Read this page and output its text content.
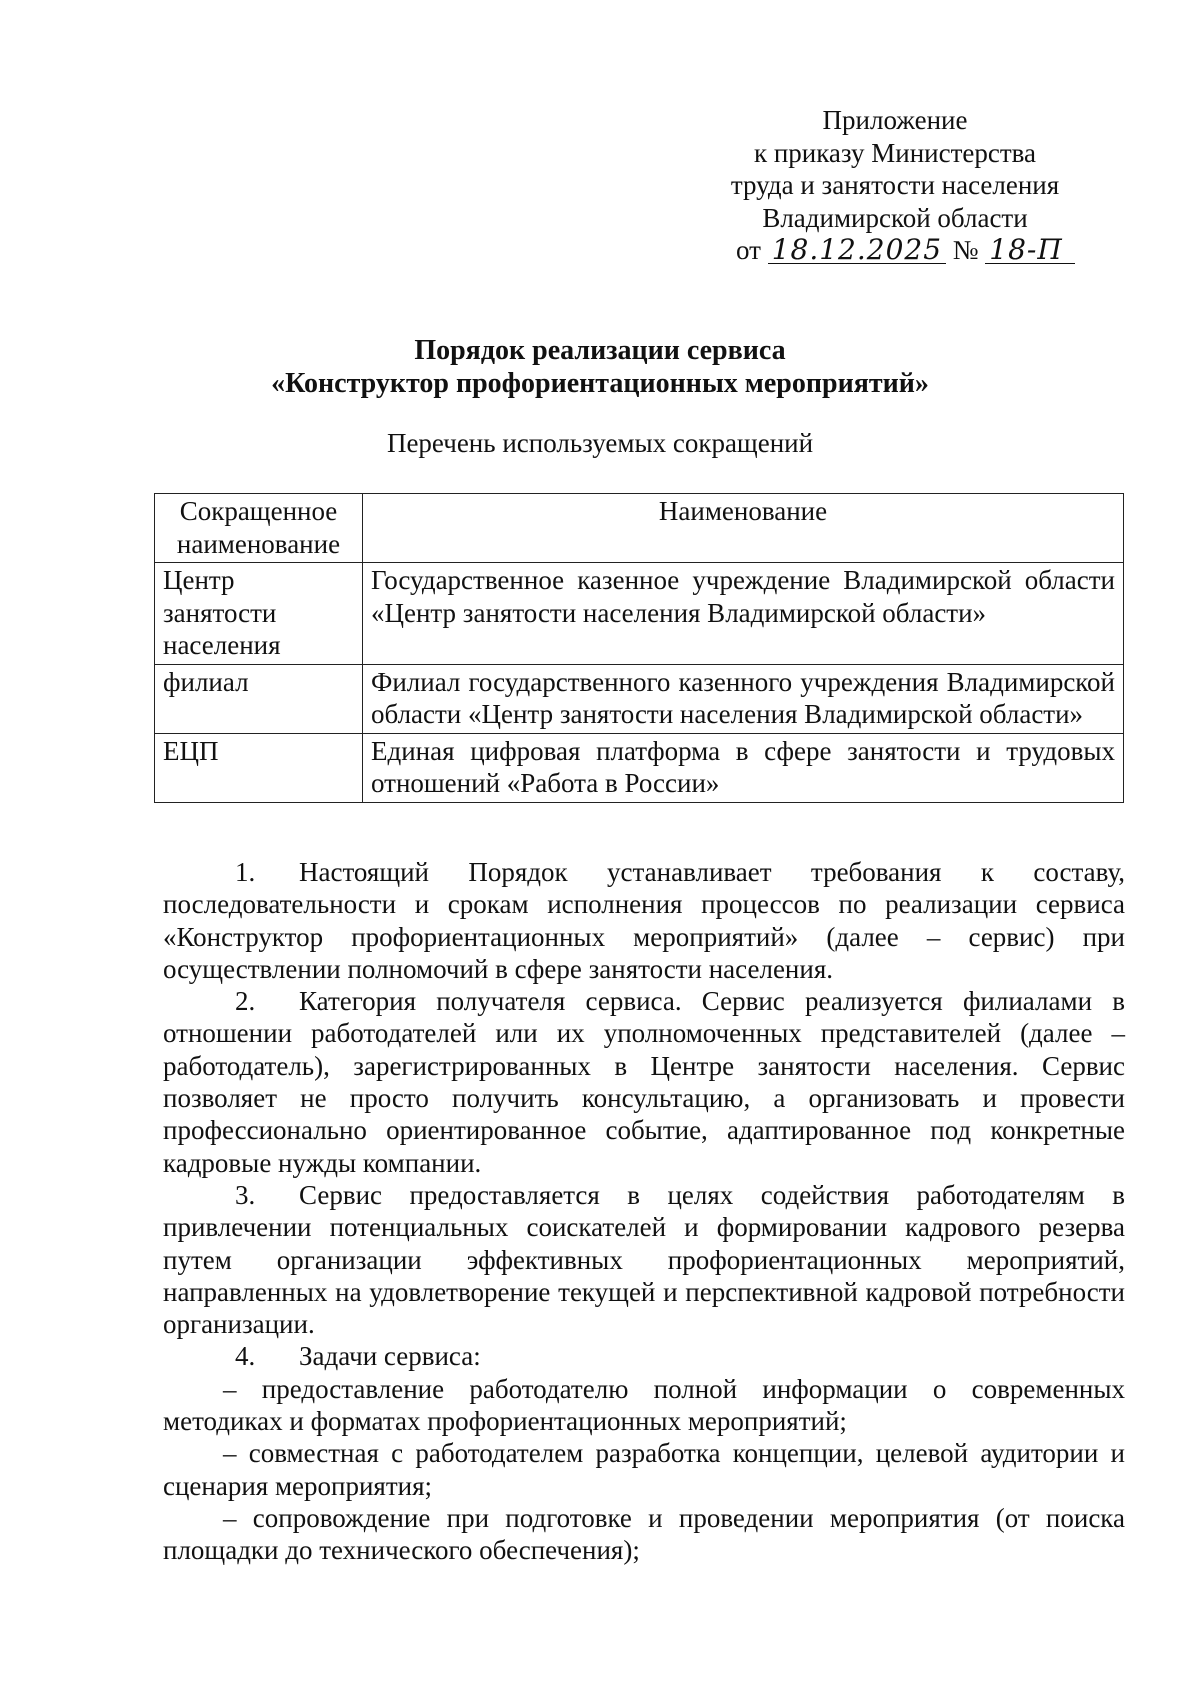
Приложение
к приказу Министерства
труда и занятости населения
Владимирской области
от 18.12.2025 № 18-П
Порядок реализации сервиса
«Конструктор профориентационных мероприятий»
Перечень используемых сокращений
Сокращенное наименование	Наименование
Центр занятости населения	Государственное казенное учреждение Владимирской области «Центр занятости населения Владимирской области»
филиал	Филиал государственного казенного учреждения Владимирской области «Центр занятости населения Владимирской области»
ЕЦП	Единая цифровая платформа в сфере занятости и трудовых отношений «Работа в России»

1. Настоящий Порядок устанавливает требования к составу, последовательности и срокам исполнения процессов по реализации сервиса «Конструктор профориентационных мероприятий» (далее – сервис) при осуществлении полномочий в сфере занятости населения.

2. Категория получателя сервиса. Сервис реализуется филиалами в отношении работодателей или их уполномоченных представителей (далее – работодатель), зарегистрированных в Центре занятости населения. Сервис позволяет не просто получить консультацию, а организовать и провести профессионально ориентированное событие, адаптированное под конкретные кадровые нужды компании.

3. Сервис предоставляется в целях содействия работодателям в привлечении потенциальных соискателей и формировании кадрового резерва путем организации эффективных профориентационных мероприятий, направленных на удовлетворение текущей и перспективной кадровой потребности организации.

4. Задачи сервиса:

– предоставление работодателю полной информации о современных методиках и форматах профориентационных мероприятий;

– совместная с работодателем разработка концепции, целевой аудитории и сценария мероприятия;

– сопровождение при подготовке и проведении мероприятия (от поиска площадки до технического обеспечения);
